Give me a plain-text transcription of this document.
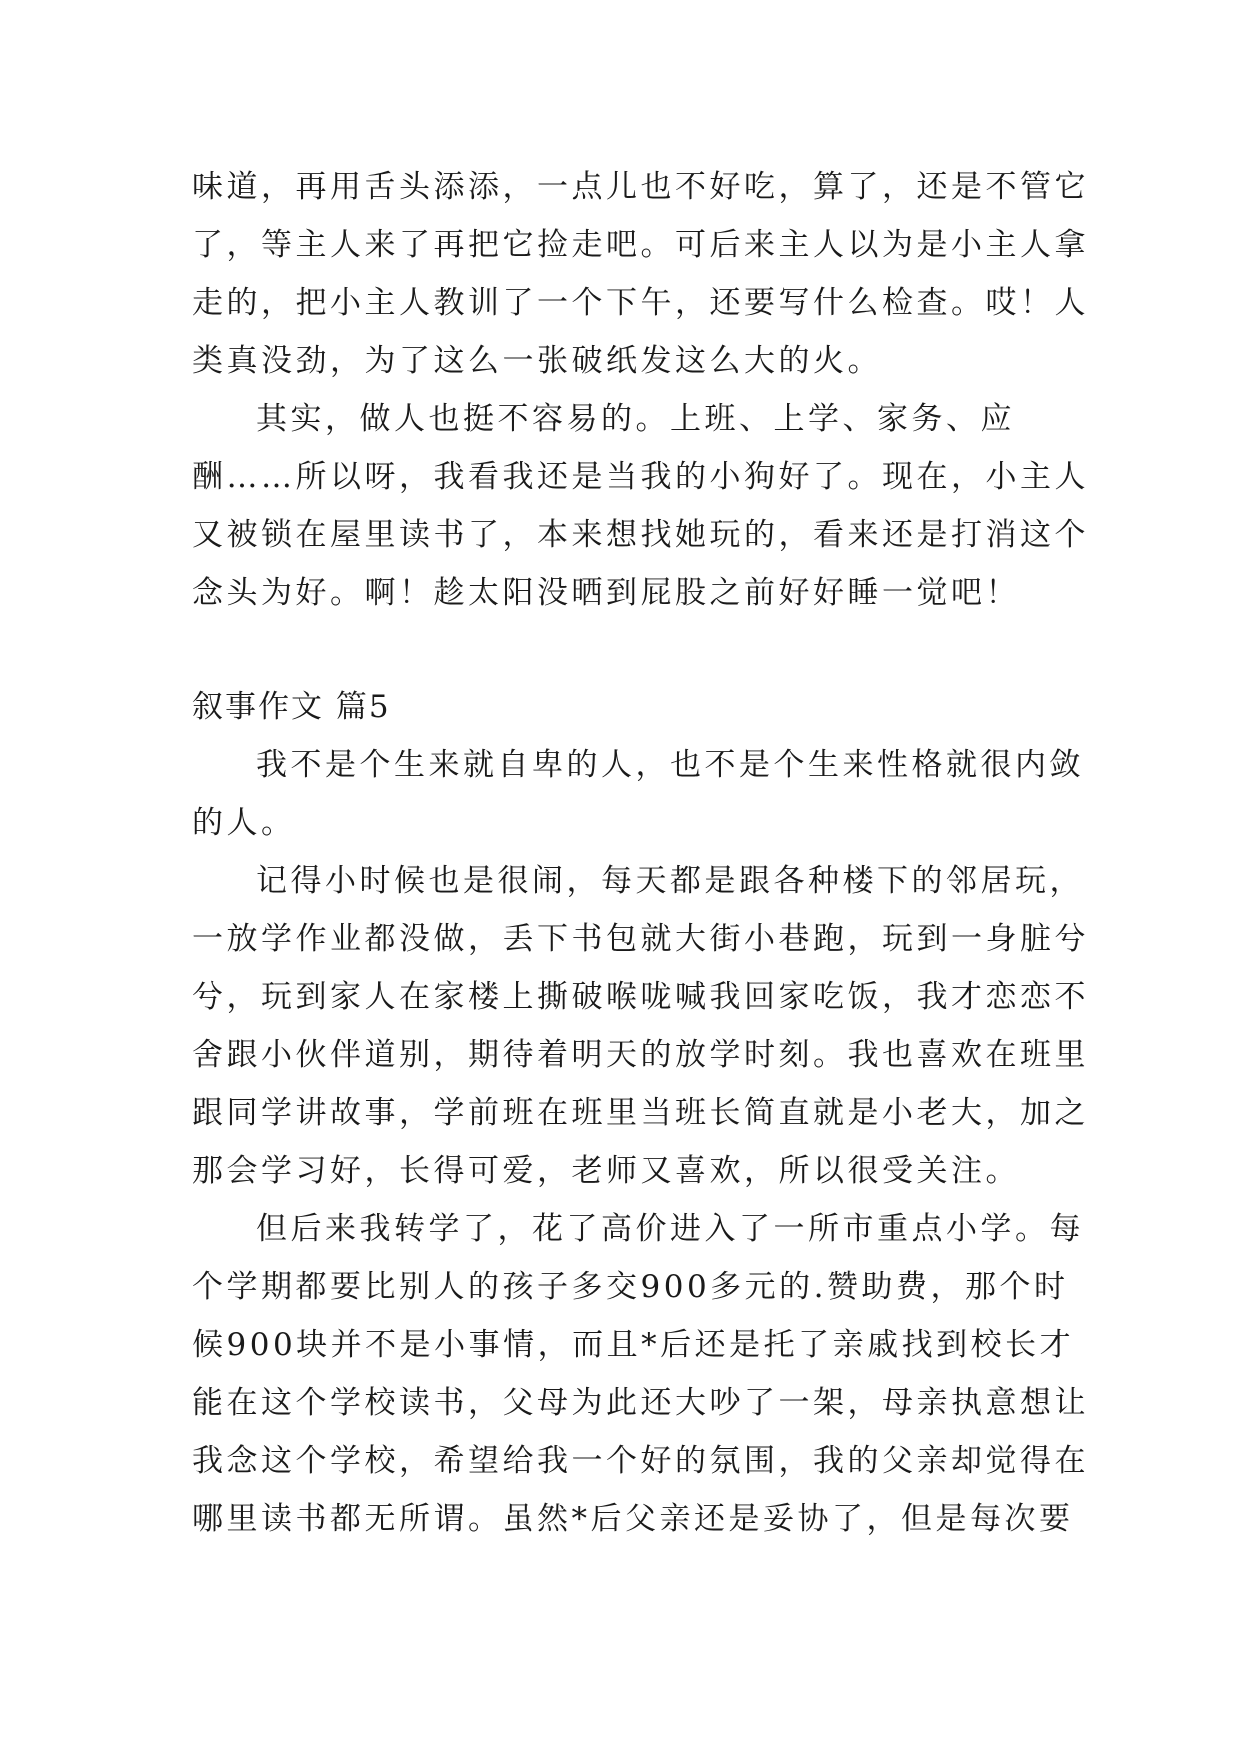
味道，再用舌头添添，一点儿也不好吃，算了，还是不管它
了，等主人来了再把它捡走吧。可后来主人以为是小主人拿
走的，把小主人教训了一个下午，还要写什么检查。哎！人
类真没劲，为了这么一张破纸发这么大的火。
其实，做人也挺不容易的。上班、上学、家务、应
酬……所以呀，我看我还是当我的小狗好了。现在，小主人
又被锁在屋里读书了，本来想找她玩的，看来还是打消这个
念头为好。啊！趁太阳没晒到屁股之前好好睡一觉吧！
叙事作文 篇5
我不是个生来就自卑的人，也不是个生来性格就很内敛
的人。
记得小时候也是很闹，每天都是跟各种楼下的邻居玩，
一放学作业都没做，丢下书包就大街小巷跑，玩到一身脏兮
兮，玩到家人在家楼上撕破喉咙喊我回家吃饭，我才恋恋不
舍跟小伙伴道别，期待着明天的放学时刻。我也喜欢在班里
跟同学讲故事，学前班在班里当班长简直就是小老大，加之
那会学习好，长得可爱，老师又喜欢，所以很受关注。
但后来我转学了，花了高价进入了一所市重点小学。每
个学期都要比别人的孩子多交900多元的.赞助费，那个时
候900块并不是小事情，而且*后还是托了亲戚找到校长才
能在这个学校读书，父母为此还大吵了一架，母亲执意想让
我念这个学校，希望给我一个好的氛围，我的父亲却觉得在
哪里读书都无所谓。虽然*后父亲还是妥协了，但是每次要
